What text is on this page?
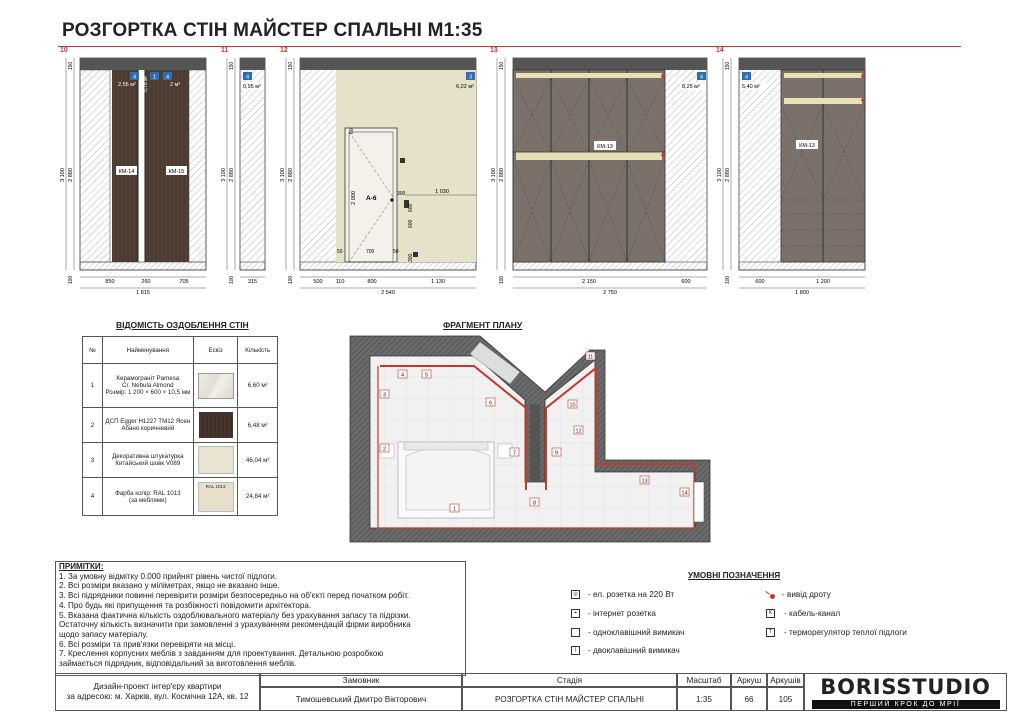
РОЗГОРТКА СТІН МАЙСТЕР СПАЛЬНІ М1:35
10	11	12	13	14
4	1 4
2,55 м² 0,78 м²	2 м²
КМ-14	КМ-15
850	260	705
1 815
3 100 2 880
150
100
4
0,95 м²
315
3 100 2 880
150
100
3
6,22 м²
А-6
2 000	1 030
60
300
600
600
300
50	700	50
500 110	800	1 130
2 540
3 100 2 880
150
100
КМ-13
4
8,25 м²
2 150	600
2 750
3 100 2 880
150
100
КМ-13
4
5,40 м²
600	1 200
1 800
3 100 2 880
150
100
ВІДОМІСТЬ ОЗДОБЛЕННЯ СТІН
№	Найменування	Ескіз	Кількість
1	Керамограніт Pamesa
Cr. Nebula Almond
Розмір: 1 200 × 600 × 10,5 мм		6,60 м²
2	ДСП Egger H1227 TM12 Ясен
Абано коричневий		6,48 м²
3	Декоративна штукатурка
Китайський шовк V089		46,04 м²
4	Фарба колір: RAL 1013
(за меблями)	RAL 1013	24,84 м²
ФРАГМЕНТ ПЛАНУ
1
2
3
4	5
6
7
8
9
10
11
12
13
14
ПРИМІТКИ:
1. За умовну відмітку 0.000 прийнят рівень чистої підлоги.
2. Всі розміри вказано у міліметрах, якщо не вказано інше.
3. Всі підрядники повинні перевірити розміри безпосередньо на об'єкті перед початком робіт.
4. Про будь які припущення та розбіжності повідомити архітектора.
5. Вказана фактична кількість оздоблювального матеріалу без урахування запасу та підрізки.
Остаточну кількість визначити при замовленні з урахуванням рекомендацій фірми виробника
щодо запасу матеріалу.
6. Всі розміри та прив'язки перевіряти на місці.
7. Креслення корпусних меблів з завданням для проектування. Детальною розробкою
займається підрядник, відповідальний за виготовлення меблів.
УМОВНІ ПОЗНАЧЕННЯ
◎ - ел. розетка на 220 Вт
⌖ - інтернет розетка
- одноклавішний вимикач
| - двоклавішний вимикач
- вивід дроту
K - кабель-канал
T - терморегулятор теплої підлоги
Дизайн-проект інтер'єру квартири
за адресою: м. Харків, вул. Космічна 12А, кв. 12
Замовник
Тимошевський Дмитро Вікторович
Стадія
РОЗГОРТКА СТІН МАЙСТЕР СПАЛЬНІ
Масштаб
1:35
Аркуш
66
Аркушів
105	BORISSTUDIO
ПЕРШИЙ КРОК ДО МРІЇ
